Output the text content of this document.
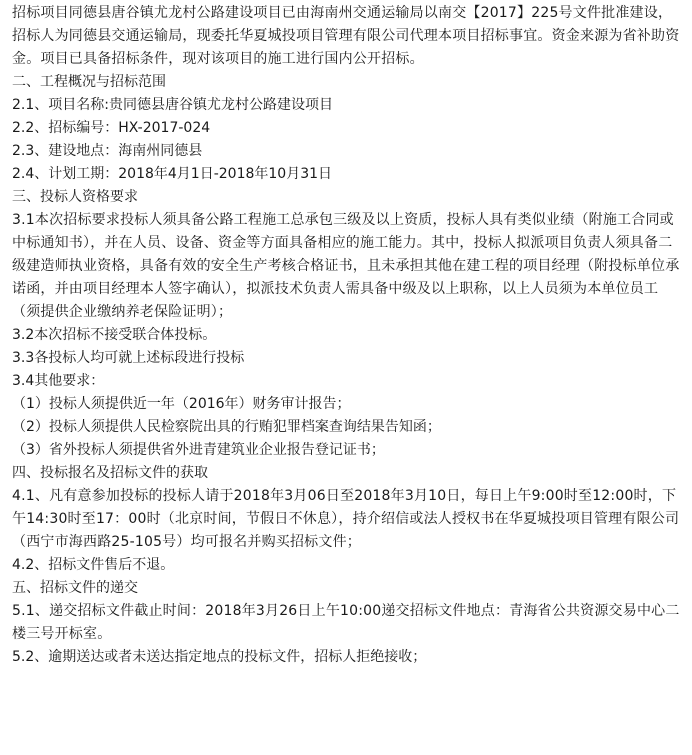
招标项目同德县唐谷镇尤龙村公路建设项目已由海南州交通运输局以南交【2017】225号文件批准建设，招标人为同德县交通运输局，现委托华夏城投项目管理有限公司代理本项目招标事宜。资金来源为省补助资金。项目已具备招标条件，现对该项目的施工进行国内公开招标。

二、工程概况与招标范围

2.1、项目名称:贵同德县唐谷镇尤龙村公路建设项目

2.2、招标编号：HX-2017-024

2.3、建设地点：海南州同德县

2.4、计划工期：2018年4月1日-2018年10月31日

三、投标人资格要求

3.1本次招标要求投标人须具备公路工程施工总承包三级及以上资质，投标人具有类似业绩（附施工合同或中标通知书），并在人员、设备、资金等方面具备相应的施工能力。其中，投标人拟派项目负责人须具备二级建造师执业资格，具备有效的安全生产考核合格证书，且未承担其他在建工程的项目经理（附投标单位承诺函，并由项目经理本人签字确认），拟派技术负责人需具备中级及以上职称，以上人员须为本单位员工（须提供企业缴纳养老保险证明）；

3.2本次招标不接受联合体投标。

3.3各投标人均可就上述标段进行投标

3.4其他要求：

（1）投标人须提供近一年（2016年）财务审计报告；

（2）投标人须提供人民检察院出具的行贿犯罪档案查询结果告知函；

（3）省外投标人须提供省外进青建筑业企业报告登记证书；

四、投标报名及招标文件的获取

4.1、凡有意参加投标的投标人请于2018年3月06日至2018年3月10日，每日上午9:00时至12:00时，下午14:30时至17：00时（北京时间，节假日不休息），持介绍信或法人授权书在华夏城投项目管理有限公司（西宁市海西路25-105号）均可报名并购买招标文件；

4.2、招标文件售后不退。

五、招标文件的递交

5.1、递交招标文件截止时间：2018年3月26日上午10:00递交招标文件地点：青海省公共资源交易中心二楼三号开标室。

5.2、逾期送达或者未送达指定地点的投标文件，招标人拒绝接收；
